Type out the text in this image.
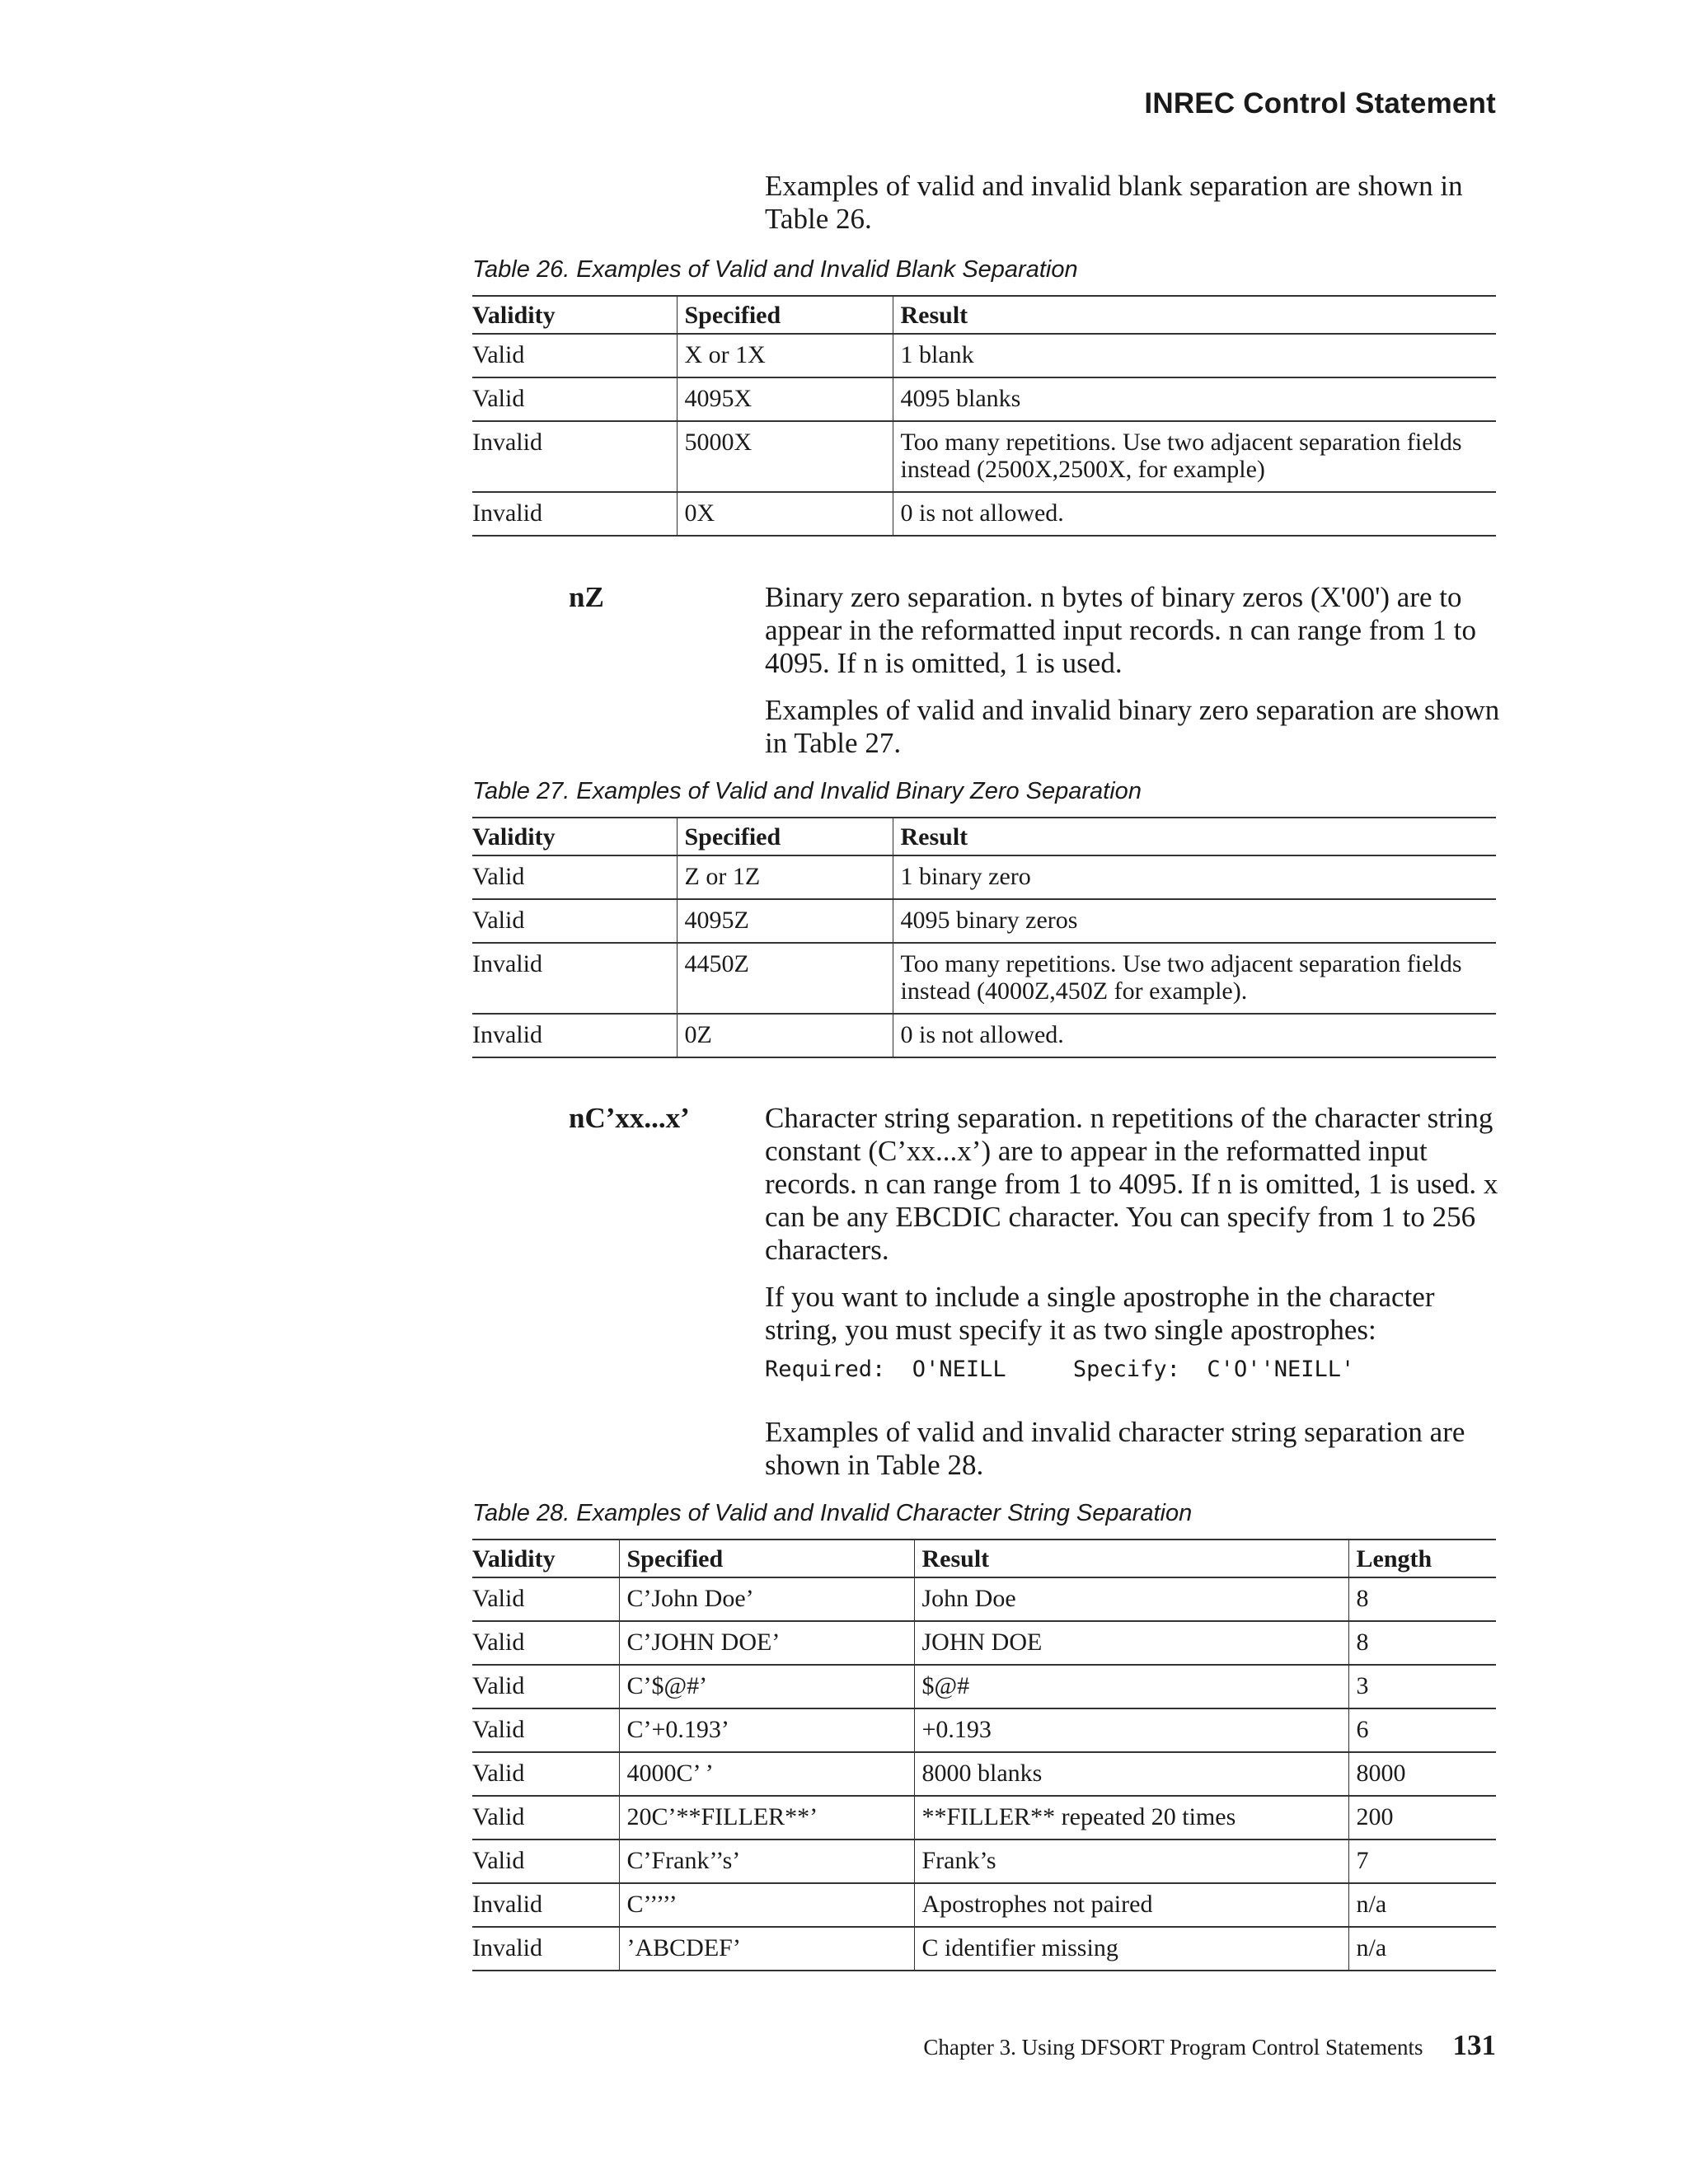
INREC Control Statement
Examples of valid and invalid blank separation are shown in Table 26.
Table 26. Examples of Valid and Invalid Blank Separation
Validity	Specified	Result
Valid	X or 1X	1 blank
Valid	4095X	4095 blanks
Invalid	5000X	Too many repetitions. Use two adjacent separation fields instead (2500X,2500X, for example)
Invalid	0X	0 is not allowed.
nZ	Binary zero separation. n bytes of binary zeros (X'00') are to appear in the reformatted input records. n can range from 1 to 4095. If n is omitted, 1 is used.
Examples of valid and invalid binary zero separation are shown in Table 27.
Table 27. Examples of Valid and Invalid Binary Zero Separation
Validity	Specified	Result
Valid	Z or 1Z	1 binary zero
Valid	4095Z	4095 binary zeros
Invalid	4450Z	Too many repetitions. Use two adjacent separation fields instead (4000Z,450Z for example).
Invalid	0Z	0 is not allowed.
nC’xx...x’	Character string separation. n repetitions of the character string constant (C’xx...x’) are to appear in the reformatted input records. n can range from 1 to 4095. If n is omitted, 1 is used. x can be any EBCDIC character. You can specify from 1 to 256 characters.
If you want to include a single apostrophe in the character string, you must specify it as two single apostrophes:
Required:  O'NEILL     Specify:  C'O''NEILL'
Examples of valid and invalid character string separation are shown in Table 28.
Table 28. Examples of Valid and Invalid Character String Separation
Validity	Specified	Result	Length
Valid	C’John Doe’	John Doe	8
Valid	C’JOHN DOE’	JOHN DOE	8
Valid	C’$@#’	$@#	3
Valid	C’+0.193’	+0.193	6
Valid	4000C’ ’	8000 blanks	8000
Valid	20C’**FILLER**’	**FILLER** repeated 20 times	200
Valid	C’Frank’’s’	Frank’s	7
Invalid	C’’’’’	Apostrophes not paired	n/a
Invalid	’ABCDEF’	C identifier missing	n/a
Chapter 3. Using DFSORT Program Control Statements 131
